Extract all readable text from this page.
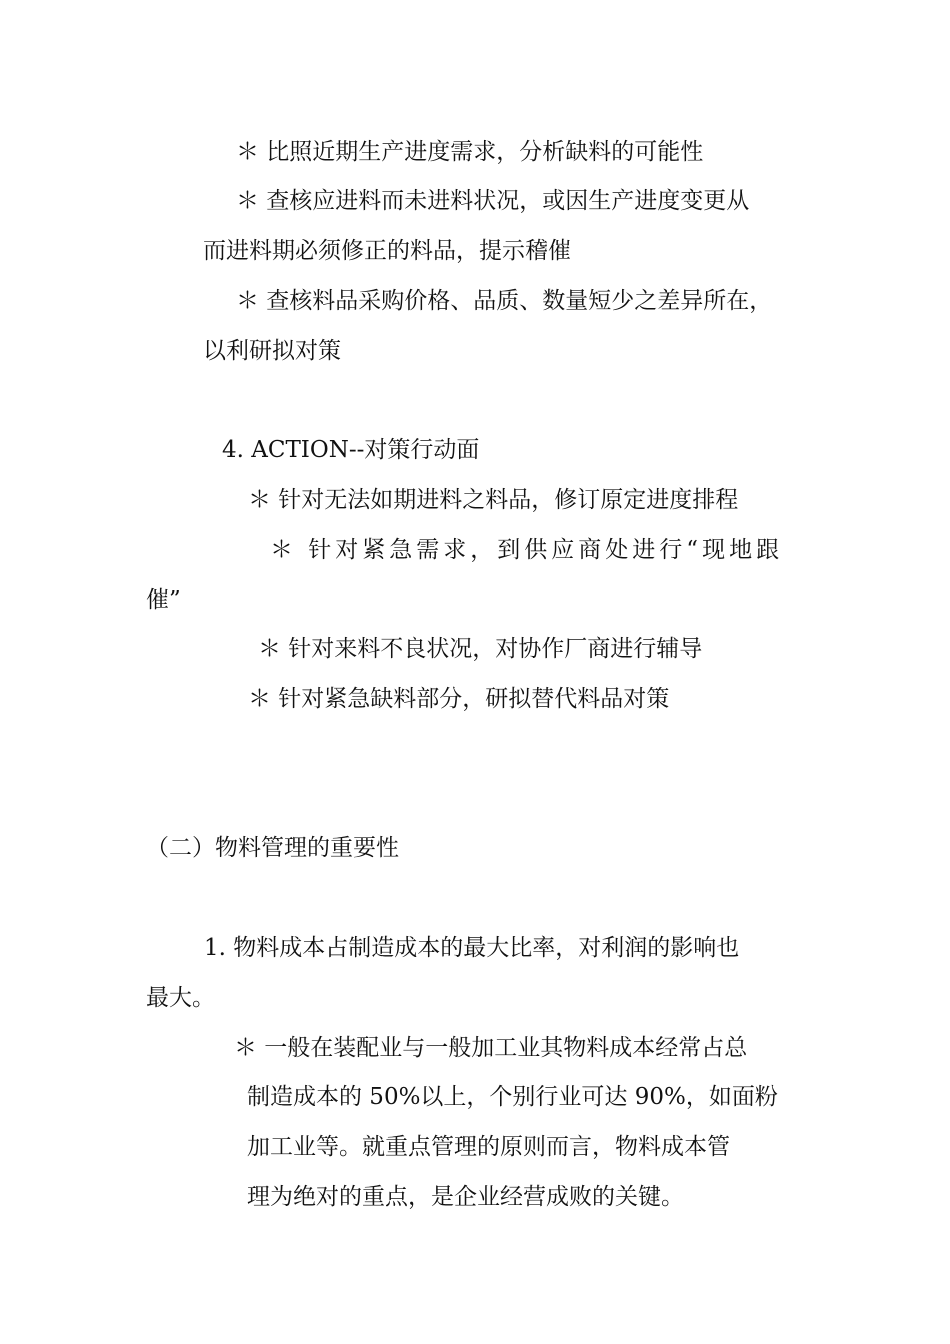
＊ 比照近期生产进度需求，分析缺料的可能性
＊ 查核应进料而未进料状况，或因生产进度变更从
而进料期必须修正的料品，提示稽催
＊ 查核料品采购价格、品质、数量短少之差异所在，
以利研拟对策
4. ACTION--对策行动面
＊ 针对无法如期进料之料品，修订原定进度排程
＊ 针对紧急需求，到供应商处进行“现地跟
催”
＊ 针对来料不良状况，对协作厂商进行辅导
＊ 针对紧急缺料部分，研拟替代料品对策
（二）物料管理的重要性
1. 物料成本占制造成本的最大比率，对利润的影响也
最大。
＊ 一般在装配业与一般加工业其物料成本经常占总
制造成本的 50%以上，个别行业可达 90%，如面粉
加工业等。就重点管理的原则而言，物料成本管
理为绝对的重点，是企业经营成败的关键。
